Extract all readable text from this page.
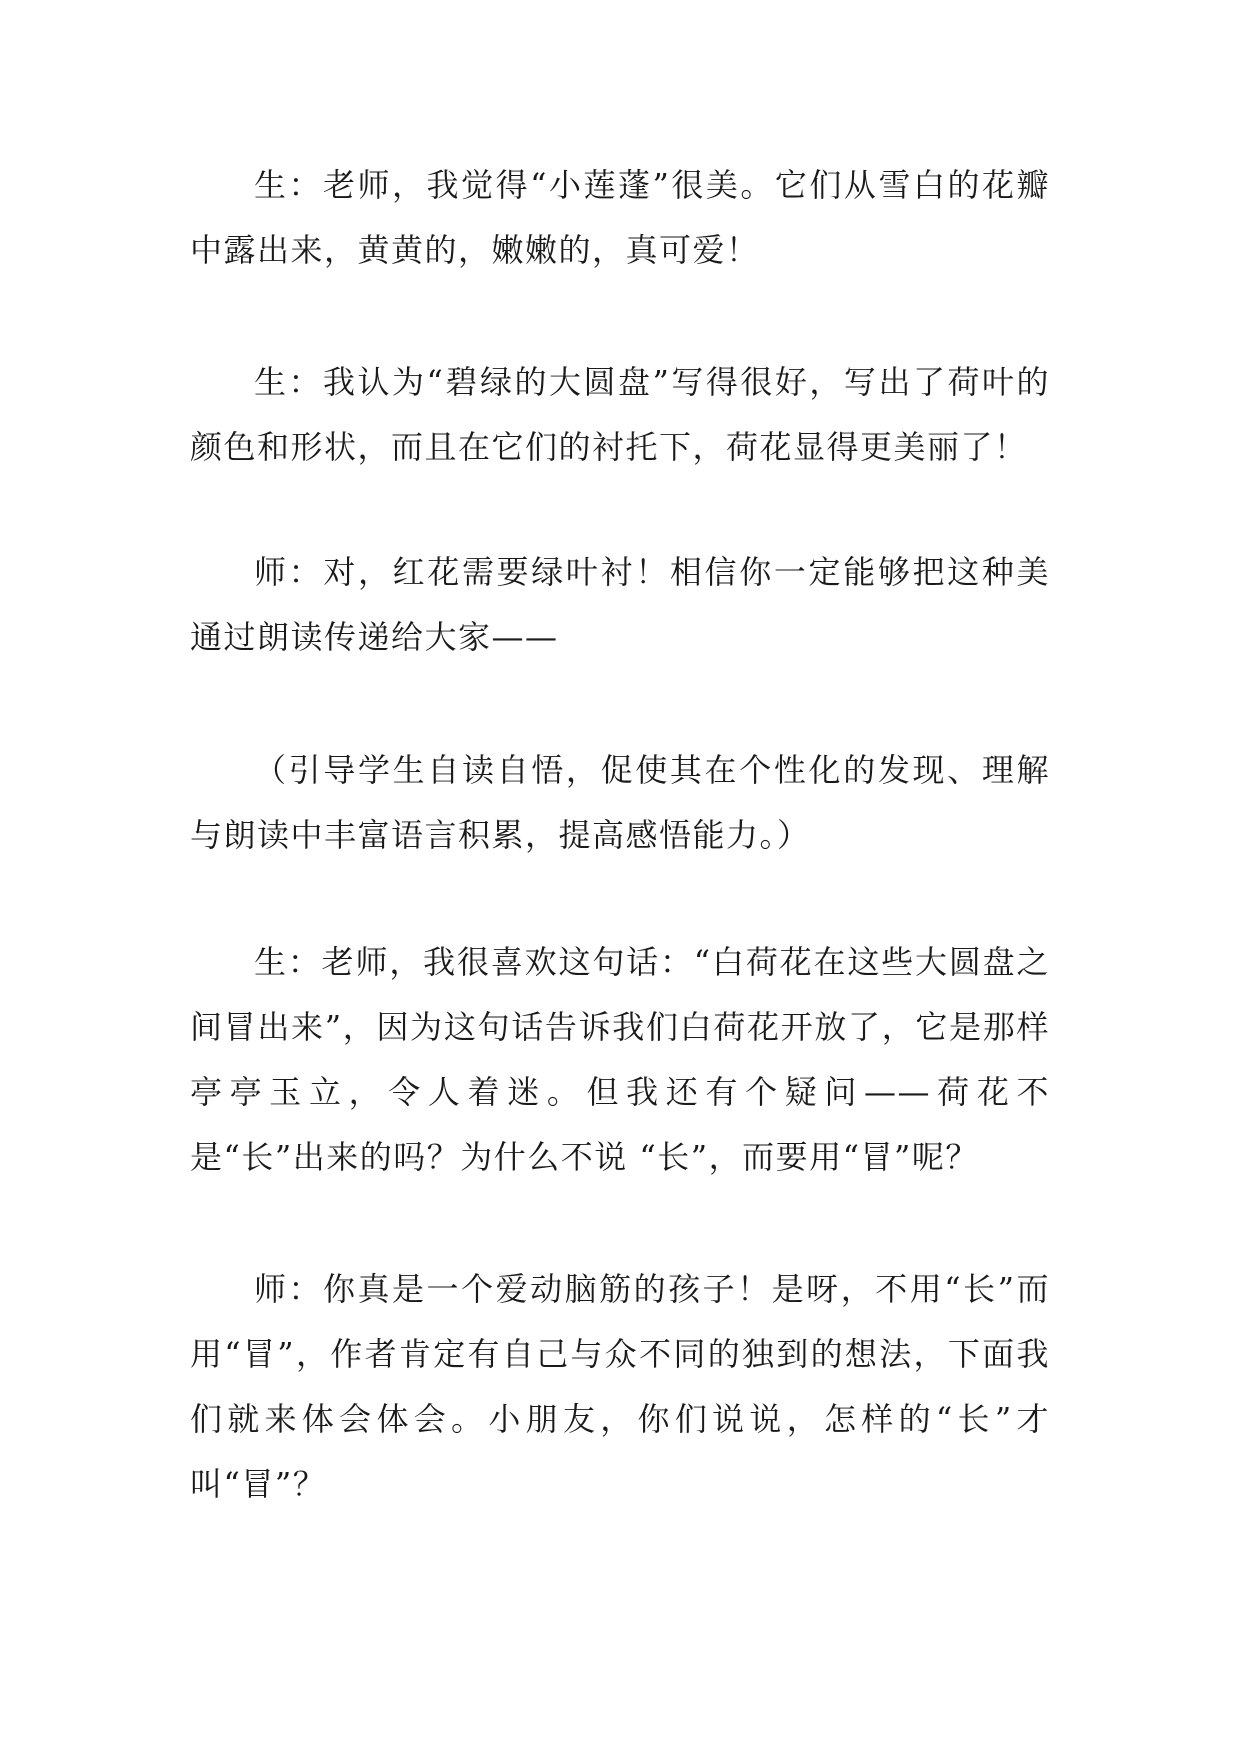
生：老师，我觉得“小莲蓬”很美。它们从雪白的花瓣中露出来，黄黄的，嫩嫩的，真可爱！

生：我认为“碧绿的大圆盘”写得很好，写出了荷叶的颜色和形状，而且在它们的衬托下，荷花显得更美丽了！

师：对，红花需要绿叶衬！相信你一定能够把这种美通过朗读传递给大家——

（引导学生自读自悟，促使其在个性化的发现、理解与朗读中丰富语言积累，提高感悟能力。）

生：老师，我很喜欢这句话：“白荷花在这些大圆盘之间冒出来”，因为这句话告诉我们白荷花开放了，它是那样亭亭玉立，令人着迷。但我还有个疑问——荷花不是“长”出来的吗？为什么不说 “长”，而要用“冒”呢？

师：你真是一个爱动脑筋的孩子！是呀，不用“长”而用“冒”，作者肯定有自己与众不同的独到的想法，下面我们就来体会体会。小朋友，你们说说，怎样的“长”才叫“冒”？
